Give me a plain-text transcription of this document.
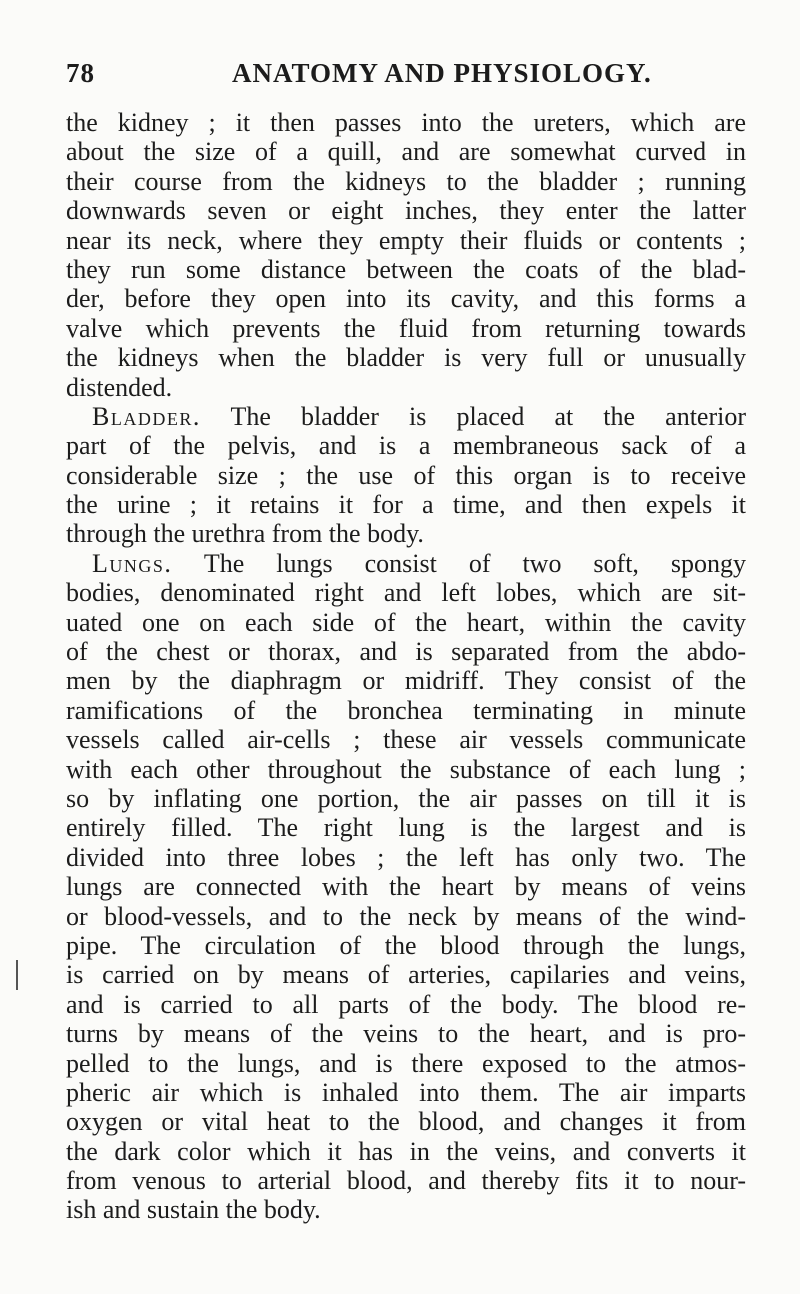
78	ANATOMY AND PHYSIOLOGY.
the kidney ; it then passes into the ureters, which are
about the size of a quill, and are somewhat curved in
their course from the kidneys to the bladder ; running
downwards seven or eight inches, they enter the latter
near its neck, where they empty their fluids or contents ;
they run some distance between the coats of the blad-
der, before they open into its cavity, and this forms a
valve which prevents the fluid from returning towards
the kidneys when the bladder is very full or unusually
distended.
Bladder. The bladder is placed at the anterior
part of the pelvis, and is a membraneous sack of a
considerable size ; the use of this organ is to receive
the urine ; it retains it for a time, and then expels it
through the urethra from the body.
Lungs. The lungs consist of two soft, spongy
bodies, denominated right and left lobes, which are sit-
uated one on each side of the heart, within the cavity
of the chest or thorax, and is separated from the abdo-
men by the diaphragm or midriff. They consist of the
ramifications of the bronchea terminating in minute
vessels called air-cells ; these air vessels communicate
with each other throughout the substance of each lung ;
so by inflating one portion, the air passes on till it is
entirely filled. The right lung is the largest and is
divided into three lobes ; the left has only two. The
lungs are connected with the heart by means of veins
or blood-vessels, and to the neck by means of the wind-
pipe. The circulation of the blood through the lungs,
is carried on by means of arteries, capilaries and veins,
and is carried to all parts of the body. The blood re-
turns by means of the veins to the heart, and is pro-
pelled to the lungs, and is there exposed to the atmos-
pheric air which is inhaled into them. The air imparts
oxygen or vital heat to the blood, and changes it from
the dark color which it has in the veins, and converts it
from venous to arterial blood, and thereby fits it to nour-
ish and sustain the body.
